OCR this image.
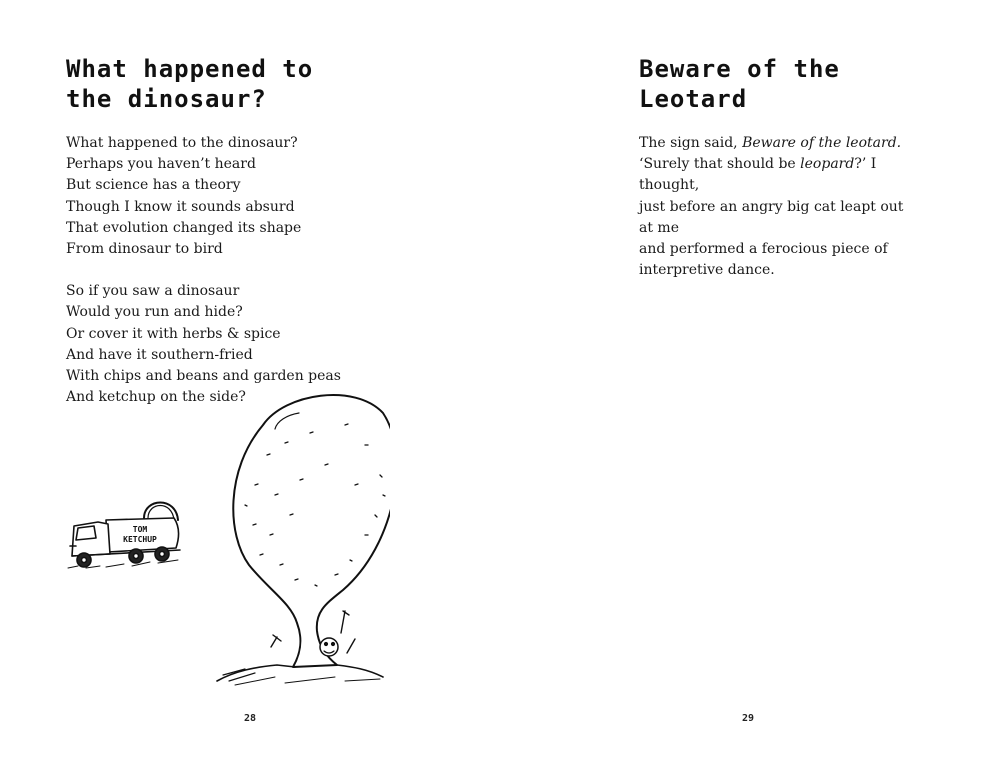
What happened to
the dinosaur?

What happened to the dinosaur?
Perhaps you haven’t heard
But science has a theory
Though I know it sounds absurd
That evolution changed its shape
From dinosaur to bird

So if you saw a dinosaur
Would you run and hide?
Or cover it with herbs & spice
And have it southern-fried
With chips and beans and garden peas
And ketchup on the side?

TOM
KETCHUP
28
Beware of the
Leotard
The sign said, Beware of the leotard.
‘Surely that should be leopard?’ I
thought,
just before an angry big cat leapt out
at me
and performed a ferocious piece of
interpretive dance.
29
